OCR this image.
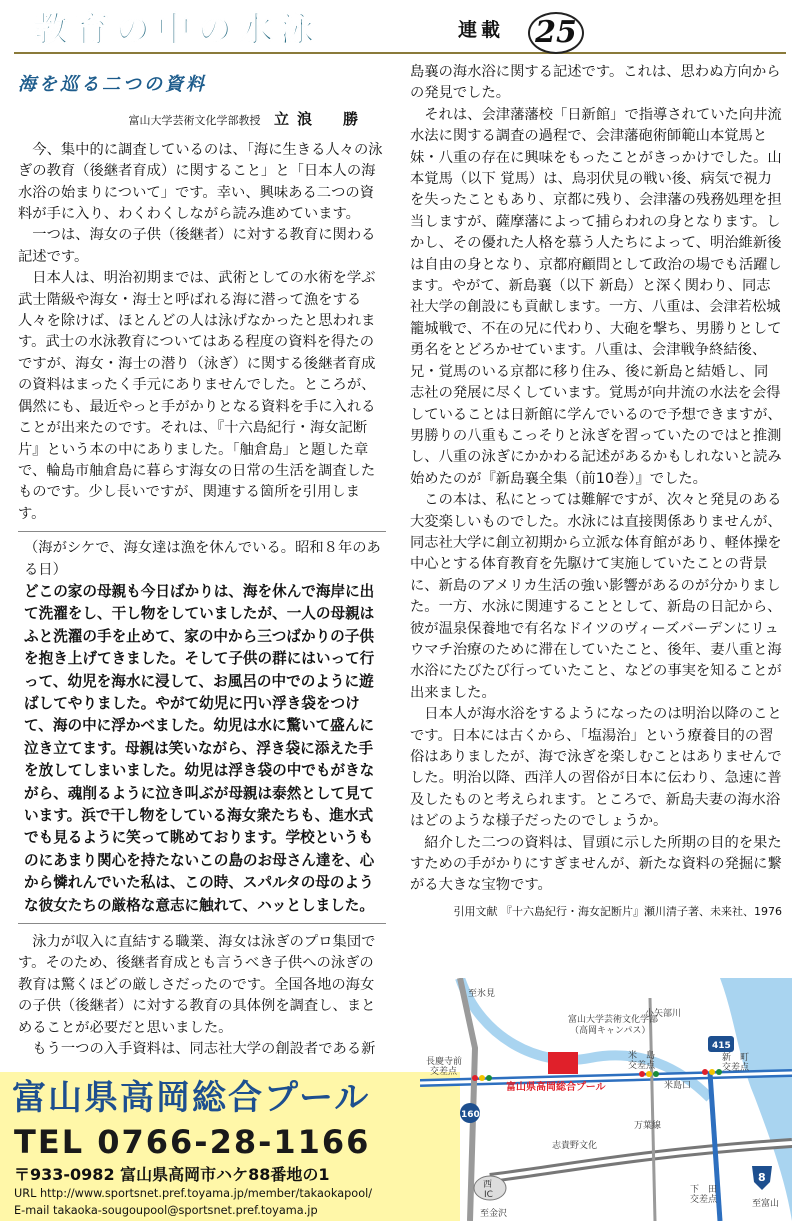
教育の中の水泳	連載 25

海を巡る二つの資料

富山大学芸術文化学部教授 立浪　勝

今、集中的に調査しているのは、「海に生きる人々の泳ぎの教育（後継者育成）に関すること」と「日本人の海水浴の始まりについて」です。幸い、興味ある二つの資料が手に入り、わくわくしながら読み進めています。

一つは、海女の子供（後継者）に対する教育に関わる記述です。

日本人は、明治初期までは、武術としての水術を学ぶ武士階級や海女・海士と呼ばれる海に潜って漁をする人々を除けば、ほとんどの人は泳げなかったと思われます。武士の水泳教育についてはある程度の資料を得たのですが、海女・海士の潜り（泳ぎ）に関する後継者育成の資料はまったく手元にありませんでした。ところが、偶然にも、最近やっと手がかりとなる資料を手に入れることが出来たのです。それは、『十六島紀行・海女記断片』という本の中にありました。「舳倉島」と題した章で、輪島市舳倉島に暮らす海女の日常の生活を調査したものです。少し長いですが、関連する箇所を引用します。

（海がシケで、海女達は漁を休んでいる。昭和８年のある日）

どこの家の母親も今日ばかりは、海を休んで海岸に出て洗濯をし、干し物をしていましたが、一人の母親はふと洗濯の手を止めて、家の中から三つばかりの子供を抱き上げてきました。そして子供の群にはいって行って、幼児を海水に浸して、お風呂の中でのように遊ばしてやりました。やがて幼児に円い浮き袋をつけて、海の中に浮かべました。幼児は水に驚いて盛んに泣き立てます。母親は笑いながら、浮き袋に添えた手を放してしまいました。幼児は浮き袋の中でもがきながら、魂削るように泣き叫ぶが母親は泰然として見ています。浜で干し物をしている海女衆たちも、進水式でも見るように笑って眺めております。学校というものにあまり関心を持たないこの島のお母さん達を、心から憐れんでいた私は、この時、スパルタの母のような彼女たちの厳格な意志に触れて、ハッとしました。

泳力が収入に直結する職業、海女は泳ぎのプロ集団です。そのため、後継者育成とも言うべき子供への泳ぎの教育は驚くほどの厳しさだったのです。全国各地の海女の子供（後継者）に対する教育の具体例を調査し、まとめることが必要だと思いました。

もう一つの入手資料は、同志社大学の創設者である新

島襄の海水浴に関する記述です。これは、思わぬ方向からの発見でした。

それは、会津藩藩校「日新館」で指導されていた向井流水法に関する調査の過程で、会津藩砲術師範山本覚馬と妹・八重の存在に興味をもったことがきっかけでした。山本覚馬（以下 覚馬）は、鳥羽伏見の戦い後、病気で視力を失ったこともあり、京都に残り、会津藩の残務処理を担当しますが、薩摩藩によって捕らわれの身となります。しかし、その優れた人格を慕う人たちによって、明治維新後は自由の身となり、京都府顧問として政治の場でも活躍します。やがて、新島襄（以下 新島）と深く関わり、同志社大学の創設にも貢献します。一方、八重は、会津若松城籠城戦で、不在の兄に代わり、大砲を撃ち、男勝りとして勇名をとどろかせています。八重は、会津戦争終結後、兄・覚馬のいる京都に移り住み、後に新島と結婚し、同志社の発展に尽くしています。覚馬が向井流の水法を会得していることは日新館に学んでいるので予想できますが、男勝りの八重もこっそりと泳ぎを習っていたのではと推測し、八重の泳ぎにかかわる記述があるかもしれないと読み始めたのが『新島襄全集（前10巻）』でした。

この本は、私にとっては難解ですが、次々と発見のある大変楽しいものでした。水泳には直接関係ありませんが、同志社大学に創立初期から立派な体育館があり、軽体操を中心とする体育教育を先駆けて実施していたことの背景に、新島のアメリカ生活の強い影響があるのが分かりました。一方、水泳に関連することとして、新島の日記から、彼が温泉保養地で有名なドイツのヴィーズバーデンにリュウマチ治療のために滞在していたこと、後年、妻八重と海水浴にたびたび行っていたこと、などの事実を知ることが出来ました。

日本人が海水浴をするようになったのは明治以降のことです。日本には古くから、「塩湯治」という療養目的の習俗はありましたが、海で泳ぎを楽しむことはありませんでした。明治以降、西洋人の習俗が日本に伝わり、急速に普及したものと考えられます。ところで、新島夫妻の海水浴はどのような様子だったのでしょうか。

紹介した二つの資料は、冒頭に示した所期の目的を果たすための手がかりにすぎませんが、新たな資料の発掘に繋がる大きな宝物です。

引用文献 『十六島紀行・海女記断片』瀬川清子著、未来社、1976

富山県高岡総合プール
TEL 0766-28-1166
〒933-0982 富山県高岡市ハケ88番地の1
URL http://www.sportsnet.pref.toyama.jp/member/takaokapool/
E-mail takaoka-sougoupool@sportsnet.pref.toyama.jp
415
160
8
西
IC
至氷見
富山大学芸術文化学部
（高岡キャンパス）
小矢部川
長慶寺前
交差点
富山県高岡総合プール
米　島
交差点
米島口
新　町
交差点
万葉線
志貴野文化
下　田
交差点	至富山
至金沢
